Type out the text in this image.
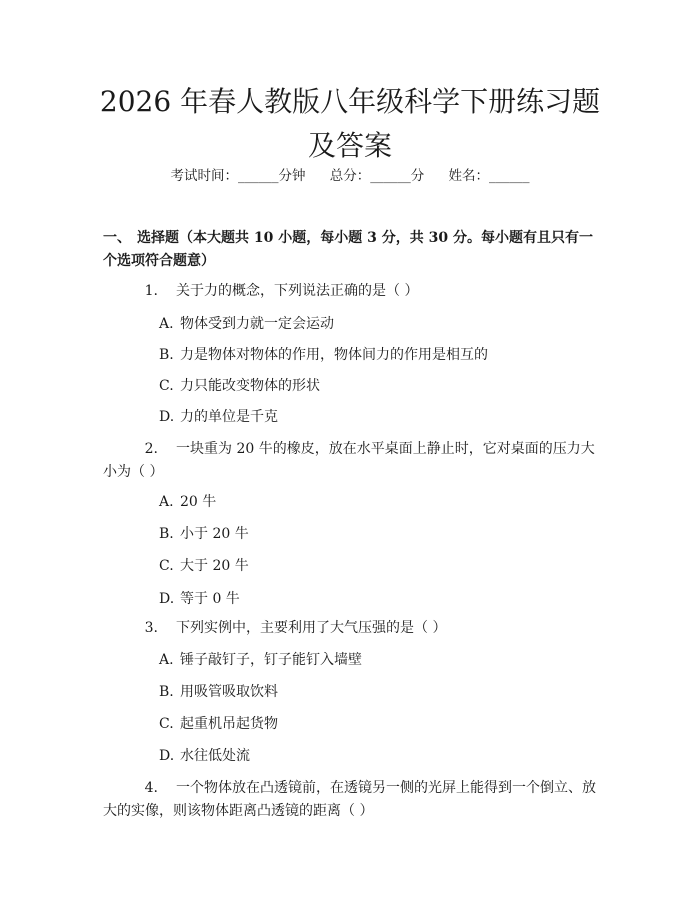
2026 年春人教版八年级科学下册练习题及答案
考试时间：______分钟 总分：______分 姓名：______
一、 选择题（本大题共 10 小题，每小题 3 分，共 30 分。每小题有且只有一个选项符合题意）
1. 关于力的概念，下列说法正确的是（ ）
A. 物体受到力就一定会运动
B. 力是物体对物体的作用，物体间力的作用是相互的
C. 力只能改变物体的形状
D. 力的单位是千克
2. 一块重为 20 牛的橡皮，放在水平桌面上静止时，它对桌面的压力大小为（ ）
A. 20 牛
B. 小于 20 牛
C. 大于 20 牛
D. 等于 0 牛
3. 下列实例中，主要利用了大气压强的是（ ）
A. 锤子敲钉子，钉子能钉入墙壁
B. 用吸管吸取饮料
C. 起重机吊起货物
D. 水往低处流
4. 一个物体放在凸透镜前，在透镜另一侧的光屏上能得到一个倒立、放大的实像，则该物体距离凸透镜的距离（ ）
